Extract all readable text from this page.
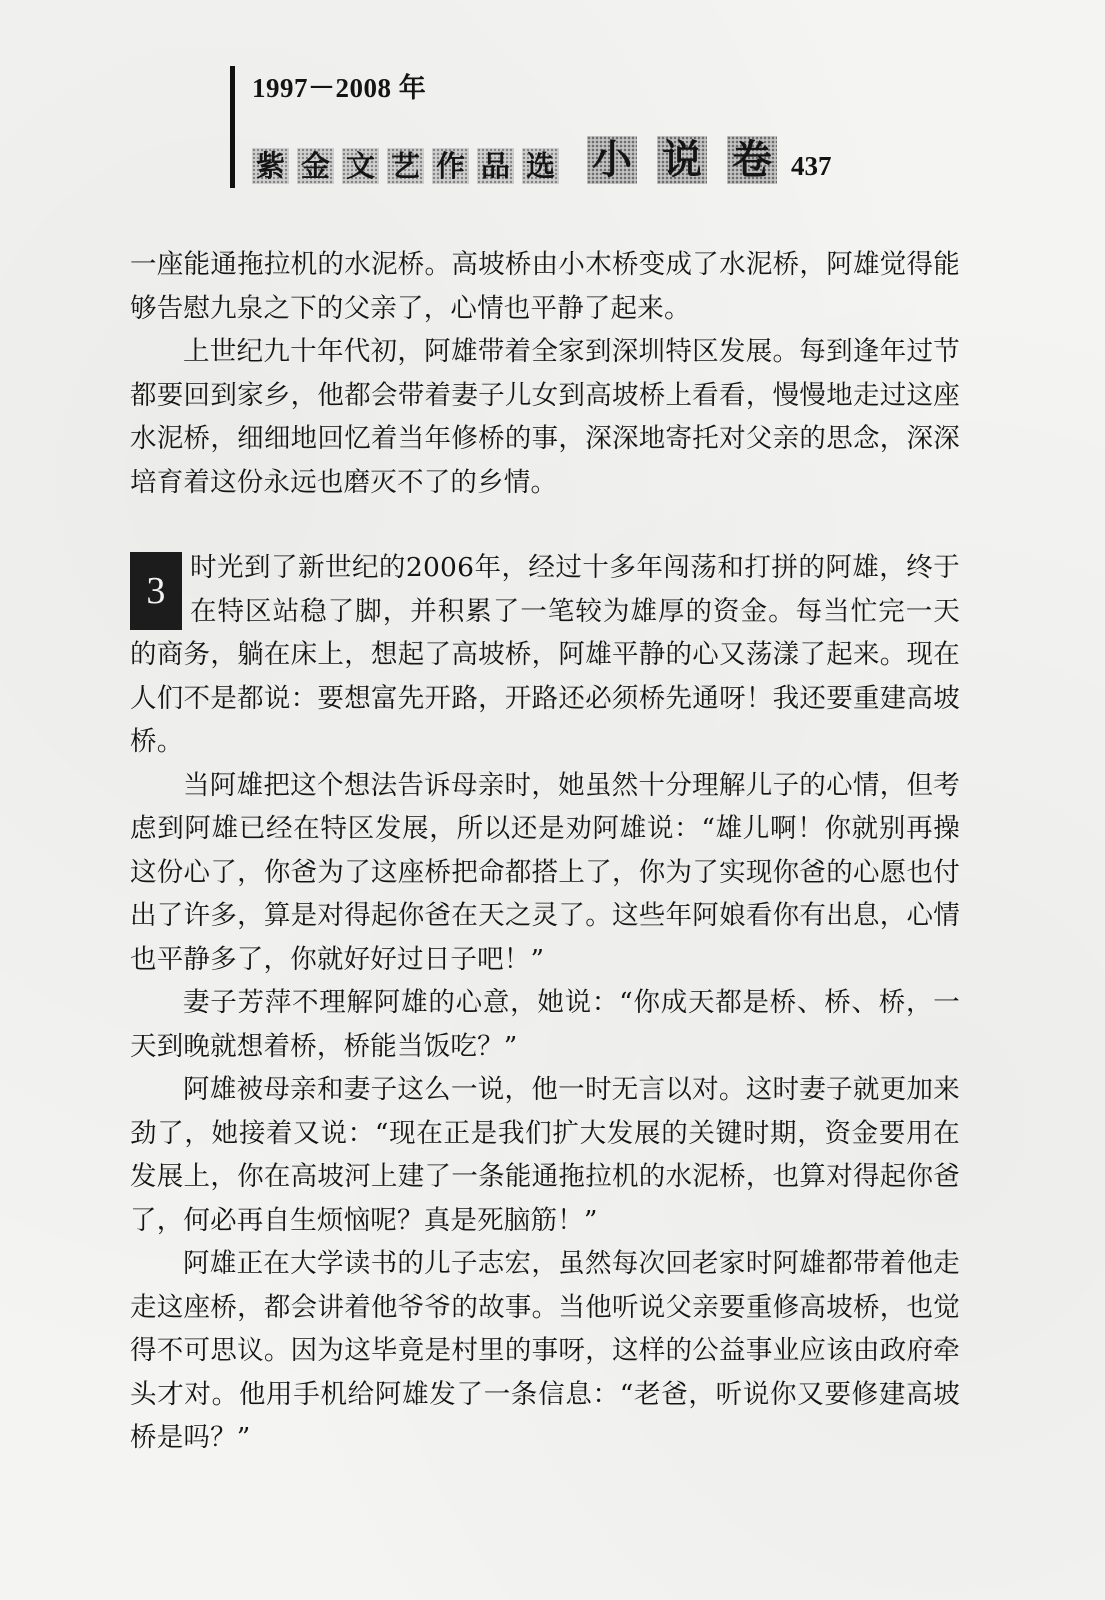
1997－2008 年
紫 金 文 艺 作 品 选 小 说 卷 437

一座能通拖拉机的水泥桥。高坡桥由小木桥变成了水泥桥，阿雄觉得能够告慰九泉之下的父亲了，心情也平静了起来。

上世纪九十年代初，阿雄带着全家到深圳特区发展。每到逢年过节都要回到家乡，他都会带着妻子儿女到高坡桥上看看，慢慢地走过这座水泥桥，细细地回忆着当年修桥的事，深深地寄托对父亲的思念，深深培育着这份永远也磨灭不了的乡情。

3
时光到了新世纪的2006年，经过十多年闯荡和打拼的阿雄，终于在特区站稳了脚，并积累了一笔较为雄厚的资金。每当忙完一天的商务，躺在床上，想起了高坡桥，阿雄平静的心又荡漾了起来。现在人们不是都说：要想富先开路，开路还必须桥先通呀！我还要重建高坡桥。

当阿雄把这个想法告诉母亲时，她虽然十分理解儿子的心情，但考虑到阿雄已经在特区发展，所以还是劝阿雄说：“雄儿啊！你就别再操这份心了，你爸为了这座桥把命都搭上了，你为了实现你爸的心愿也付出了许多，算是对得起你爸在天之灵了。这些年阿娘看你有出息，心情也平静多了，你就好好过日子吧！”

妻子芳萍不理解阿雄的心意，她说：“你成天都是桥、桥、桥，一天到晚就想着桥，桥能当饭吃？”

阿雄被母亲和妻子这么一说，他一时无言以对。这时妻子就更加来劲了，她接着又说：“现在正是我们扩大发展的关键时期，资金要用在发展上，你在高坡河上建了一条能通拖拉机的水泥桥，也算对得起你爸了，何必再自生烦恼呢？真是死脑筋！”

阿雄正在大学读书的儿子志宏，虽然每次回老家时阿雄都带着他走走这座桥，都会讲着他爷爷的故事。当他听说父亲要重修高坡桥，也觉得不可思议。因为这毕竟是村里的事呀，这样的公益事业应该由政府牵头才对。他用手机给阿雄发了一条信息：“老爸，听说你又要修建高坡桥是吗？”
